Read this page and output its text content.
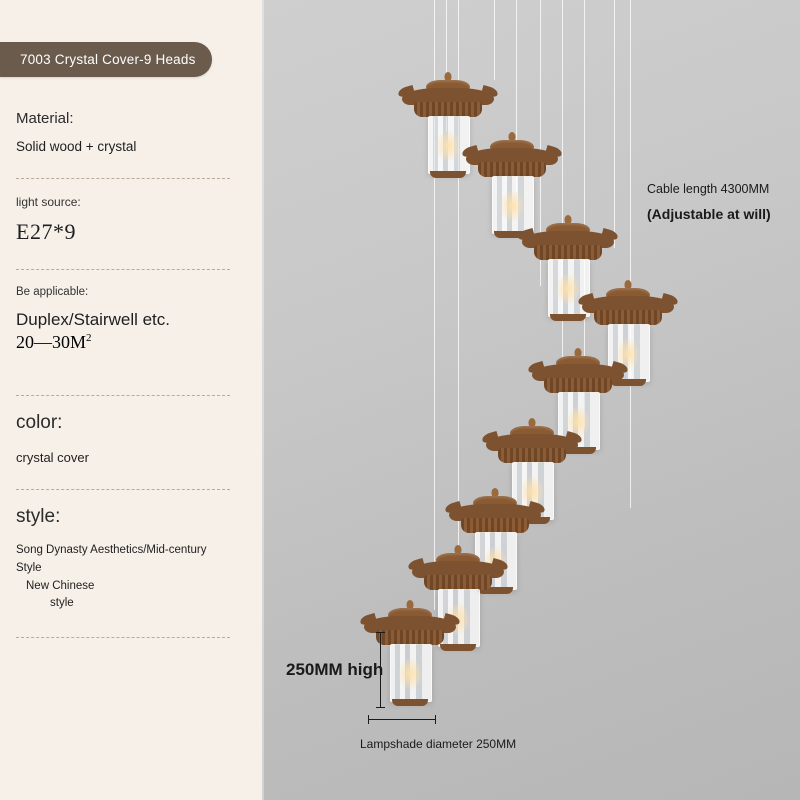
7003 Crystal Cover-9 Heads

Material:

Solid wood + crystal

light source:

E27*9

Be applicable:

Duplex/Stairwell etc.

$20—30M^2$

color:

crystal cover

style:

Song Dynasty Aesthetics/Mid-century Style
New Chinese
style

Cable length 4300MM
(Adjustable at will)
250MM high
Lampshade diameter 250MM
